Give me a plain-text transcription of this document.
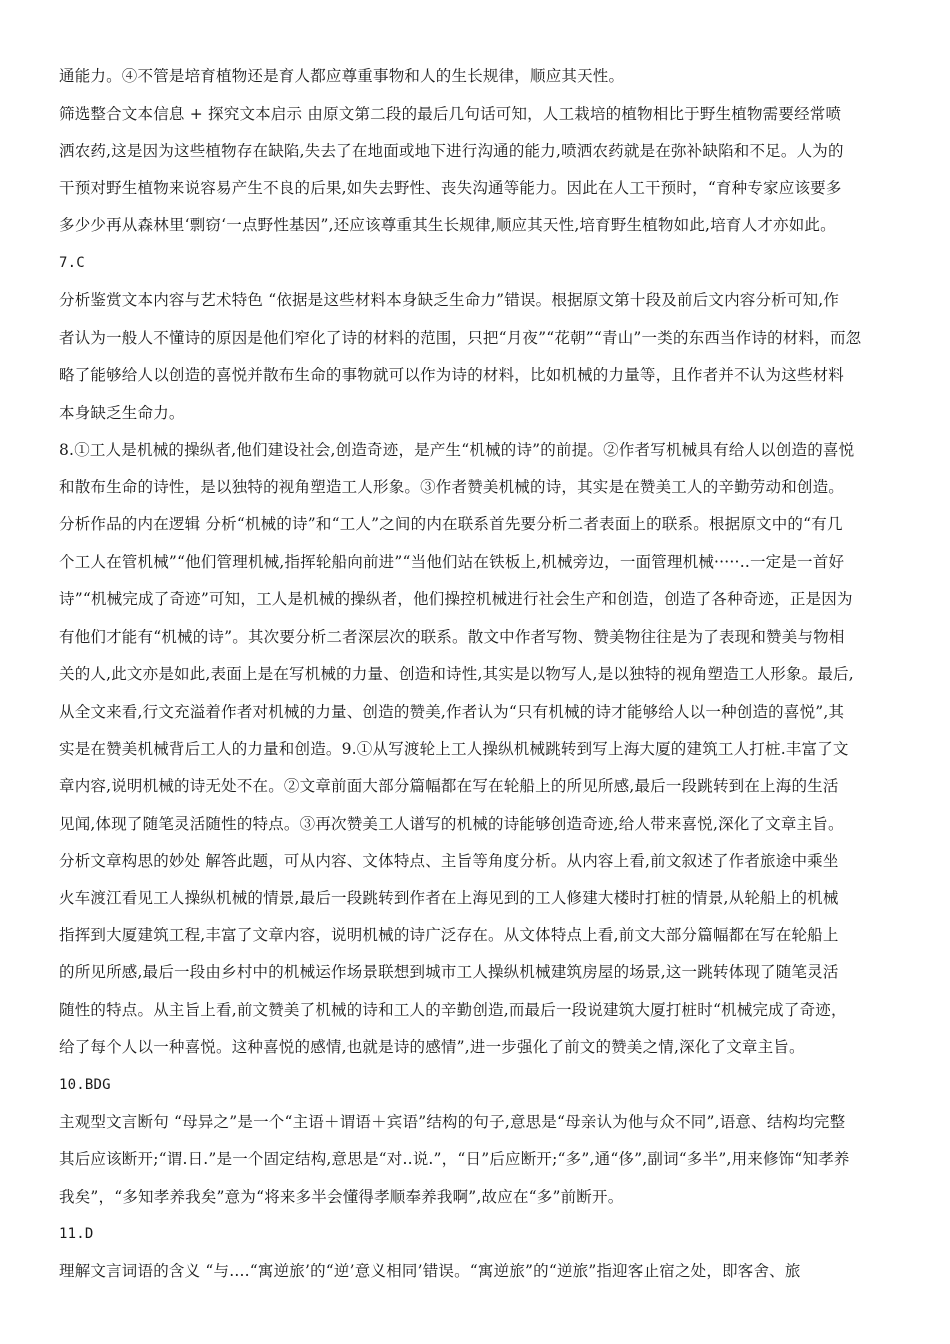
通能力。④不管是培育植物还是育人都应尊重事物和人的生长规律，顺应其天性。
筛选整合文本信息 + 探究文本启示 由原文第二段的最后几句话可知，人工栽培的植物相比于野生植物需要经常喷
洒农药,这是因为这些植物存在缺陷,失去了在地面或地下进行沟通的能力,喷洒农药就是在弥补缺陷和不足。人为的
干预对野生植物来说容易产生不良的后果,如失去野性、丧失沟通等能力。因此在人工干预时，“育种专家应该要多
多少少再从森林里‘剽窃‘一点野性基因”,还应该尊重其生长规律,顺应其天性,培育野生植物如此,培育人才亦如此。
7.C
分析鉴赏文本内容与艺术特色 “依据是这些材料本身缺乏生命力”错误。根据原文第十段及前后文内容分析可知,作
者认为一般人不懂诗的原因是他们窄化了诗的材料的范围，只把“月夜”“花朝”“青山”一类的东西当作诗的材料，而忽
略了能够给人以创造的喜悦并散布生命的事物就可以作为诗的材料，比如机械的力量等，且作者并不认为这些材料
本身缺乏生命力。
8.①工人是机械的操纵者,他们建设社会,创造奇迹，是产生“机械的诗”的前提。②作者写机械具有给人以创造的喜悦
和散布生命的诗性，是以独特的视角塑造工人形象。③作者赞美机械的诗，其实是在赞美工人的辛勤劳动和创造。
分析作品的内在逻辑 分析“机械的诗”和“工人”之间的内在联系首先要分析二者表面上的联系。根据原文中的“有几
个工人在管机械”“他们管理机械,指挥轮船向前进”“当他们站在铁板上,机械旁边，一面管理机械·····..一定是一首好
诗”“机械完成了奇迹”可知，工人是机械的操纵者，他们操控机械进行社会生产和创造，创造了各种奇迹，正是因为
有他们才能有“机械的诗”。其次要分析二者深层次的联系。散文中作者写物、赞美物往往是为了表现和赞美与物相
关的人,此文亦是如此,表面上是在写机械的力量、创造和诗性,其实是以物写人,是以独特的视角塑造工人形象。最后,
从全文来看,行文充溢着作者对机械的力量、创造的赞美,作者认为“只有机械的诗才能够给人以一种创造的喜悦”,其
实是在赞美机械背后工人的力量和创造。9.①从写渡轮上工人操纵机械跳转到写上海大厦的建筑工人打桩.丰富了文
章内容,说明机械的诗无处不在。②文章前面大部分篇幅都在写在轮船上的所见所感,最后一段跳转到在上海的生活
见闻,体现了随笔灵活随性的特点。③再次赞美工人谱写的机械的诗能够创造奇迹,给人带来喜悦,深化了文章主旨。
分析文章构思的妙处 解答此题，可从内容、文体特点、主旨等角度分析。从内容上看,前文叙述了作者旅途中乘坐
火车渡江看见工人操纵机械的情景,最后一段跳转到作者在上海见到的工人修建大楼时打桩的情景,从轮船上的机械
指挥到大厦建筑工程,丰富了文章内容，说明机械的诗广泛存在。从文体特点上看,前文大部分篇幅都在写在轮船上
的所见所感,最后一段由乡村中的机械运作场景联想到城市工人操纵机械建筑房屋的场景,这一跳转体现了随笔灵活
随性的特点。从主旨上看,前文赞美了机械的诗和工人的辛勤创造,而最后一段说建筑大厦打桩时“机械完成了奇迹，
给了每个人以一种喜悦。这种喜悦的感情,也就是诗的感情”,进一步强化了前文的赞美之情,深化了文章主旨。
10.BDG
主观型文言断句 “母异之”是一个“主语＋谓语＋宾语”结构的句子,意思是“母亲认为他与众不同”,语意、结构均完整
其后应该断开;“谓.日.”是一个固定结构,意思是“对..说.”，“日”后应断开;“多”,通“侈”,副词“多半”,用来修饰“知孝养
我矣”，“多知孝养我矣”意为“将来多半会懂得孝顺奉养我啊”,故应在“多”前断开。
11.D
理解文言词语的含义 “与....“寓逆旅’的“逆’意义相同’错误。“寓逆旅”的“逆旅”指迎客止宿之处，即客舍、旅
